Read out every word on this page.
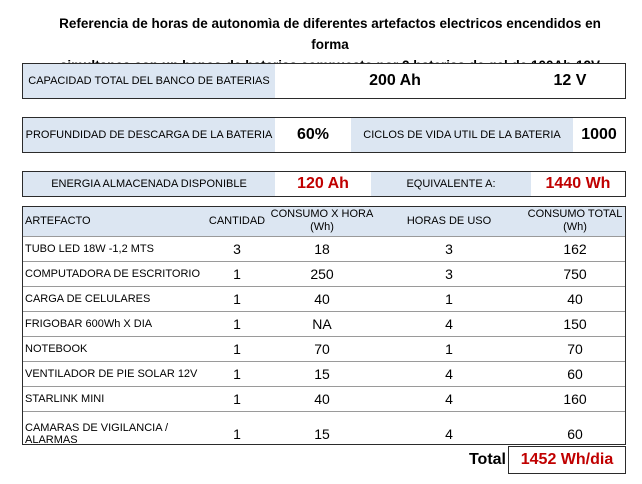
Referencia de horas de autonomìa de diferentes artefactos electricos encendidos en forma
CAPACIDAD TOTAL DEL BANCO DE BATERIAS	200 Ah	12 V
PROFUNDIDAD DE DESCARGA DE LA BATERIA	60%	CICLOS DE VIDA UTIL DE LA BATERIA	1000
ENERGIA ALMACENADA DISPONIBLE	120 Ah	EQUIVALENTE A:	1440 Wh
ARTEFACTO	CANTIDAD	CONSUMO X HORA (Wh)	HORAS DE USO	CONSUMO TOTAL (Wh)
TUBO LED 18W -1,2 MTS	3	18	3	162
COMPUTADORA DE ESCRITORIO	1	250	3	750
CARGA DE CELULARES	1	40	1	40
FRIGOBAR 600Wh X DIA	1	NA	4	150
NOTEBOOK	1	70	1	70
VENTILADOR DE PIE SOLAR 12V	1	15	4	60
STARLINK MINI	1	40	4	160
CAMARAS DE VIGILANCIA / ALARMAS	1	15	4	60
Total 1452 Wh/dia
